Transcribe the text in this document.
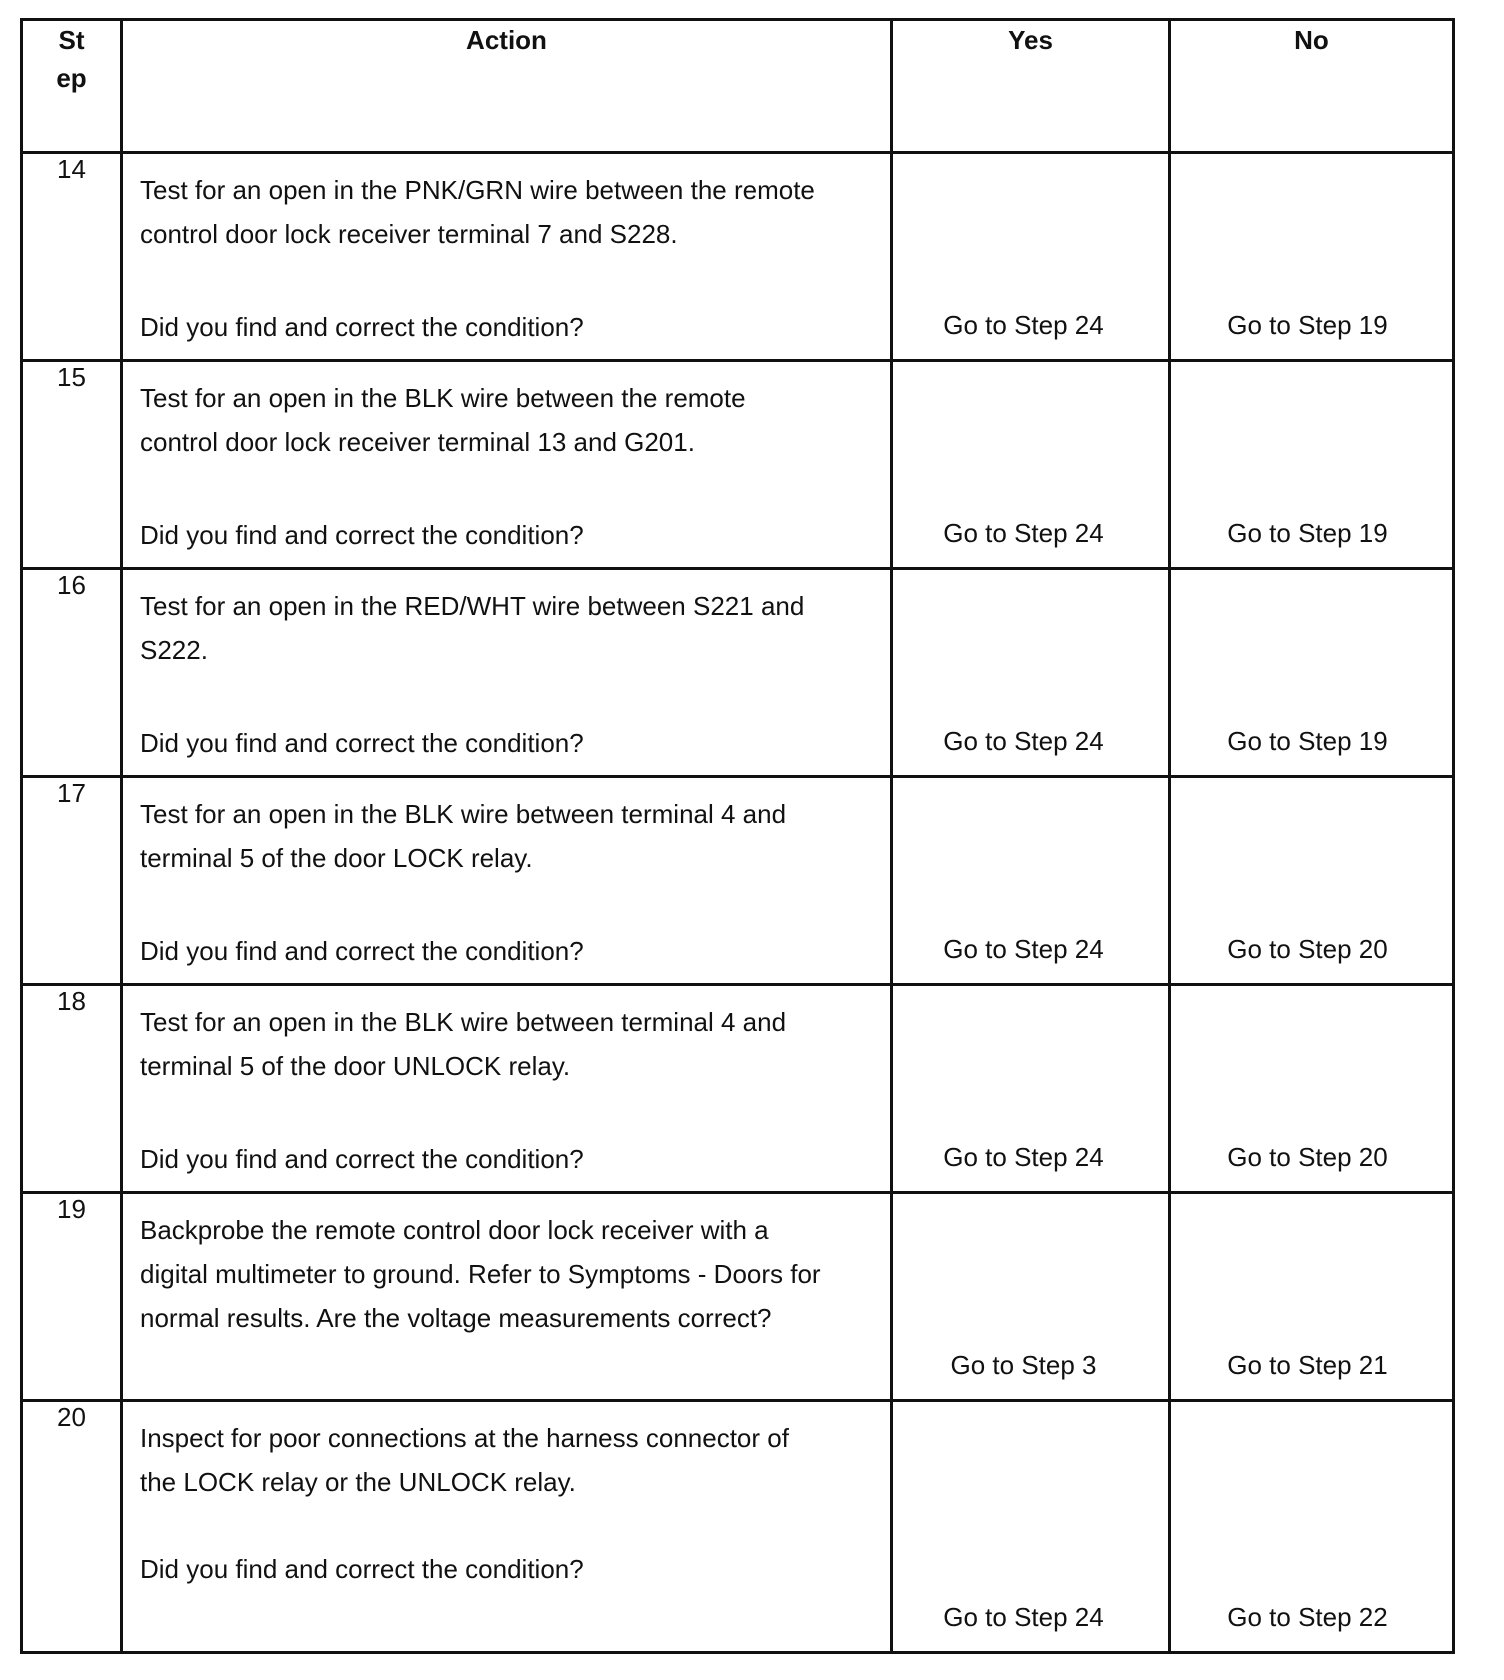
St
ep	Action	Yes	No
14	Test for an open in the PNK/GRN wire between the remote control door lock receiver terminal 7 and S228.
Did you find and correct the condition?	Go to Step 24	Go to Step 19

15	Test for an open in the BLK wire between the remote control door lock receiver terminal 13 and G201.
Did you find and correct the condition?	Go to Step 24	Go to Step 19

16	Test for an open in the RED/WHT wire between S221 and S222.
Did you find and correct the condition?	Go to Step 24	Go to Step 19

17	Test for an open in the BLK wire between terminal 4 and terminal 5 of the door LOCK relay.
Did you find and correct the condition?	Go to Step 24	Go to Step 20

18	Test for an open in the BLK wire between terminal 4 and terminal 5 of the door UNLOCK relay.
Did you find and correct the condition?	Go to Step 24	Go to Step 20

19	Backprobe the remote control door lock receiver with a digital multimeter to ground. Refer to Symptoms - Doors for normal results. Are the voltage measurements correct?	Go to Step 3	Go to Step 21

20	Inspect for poor connections at the harness connector of the LOCK relay or the UNLOCK relay.
Did you find and correct the condition?	Go to Step 24	Go to Step 22
